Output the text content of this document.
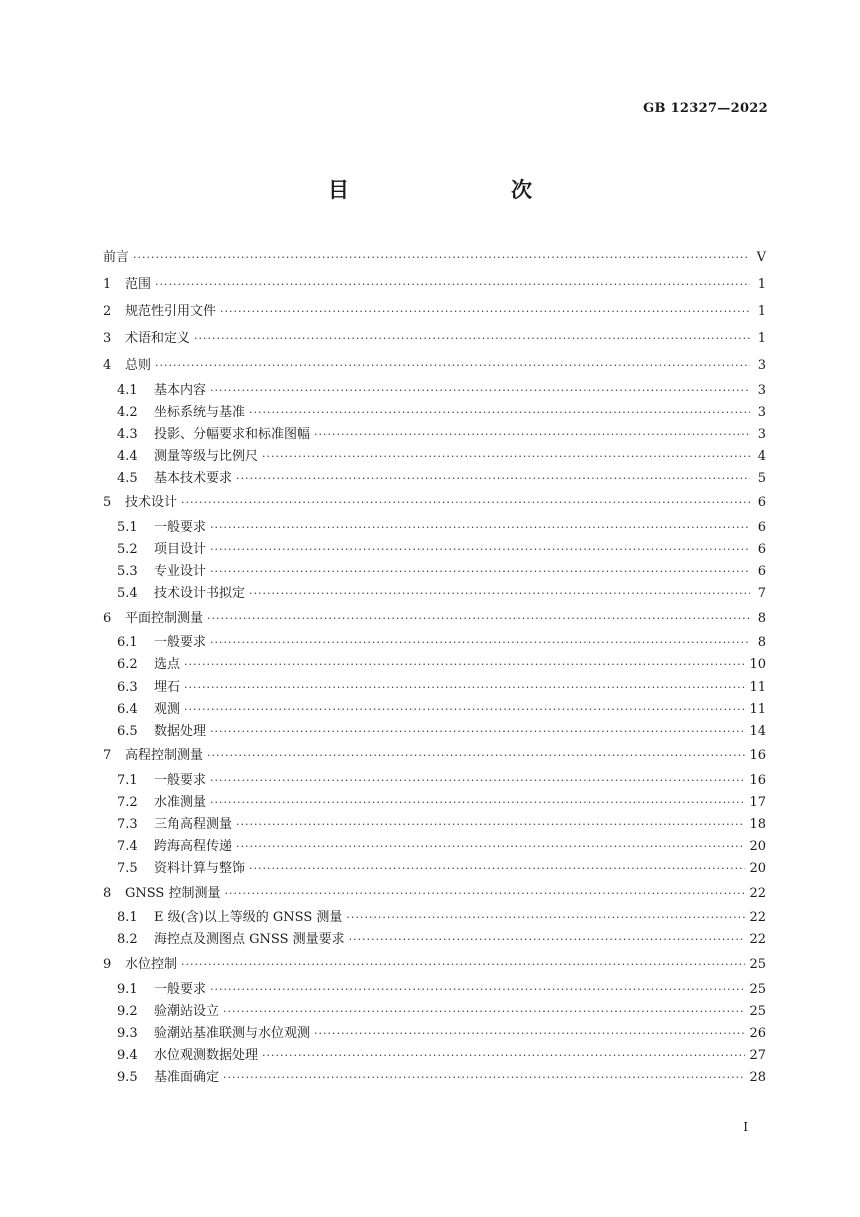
GB 12327—2022
目　　次
前言 ·····	Ⅴ
1	范围 ·····	1
2	规范性引用文件 ·····	1
3	术语和定义 ·····	1
4	总则 ·····	3
4.1	基本内容 ·····	3
4.2	坐标系统与基准 ·····	3
4.3	投影、分幅要求和标准图幅 ·····	3
4.4	测量等级与比例尺 ·····	4
4.5	基本技术要求 ·····	5
5	技术设计 ·····	6
5.1	一般要求 ·····	6
5.2	项目设计 ·····	6
5.3	专业设计 ·····	6
5.4	技术设计书拟定 ·····	7
6	平面控制测量 ·····	8
6.1	一般要求 ·····	8
6.2	选点 ·····	10
6.3	埋石 ·····	11
6.4	观测 ·····	11
6.5	数据处理 ·····	14
7	高程控制测量 ·····	16
7.1	一般要求 ·····	16
7.2	水准测量 ·····	17
7.3	三角高程测量 ·····	18
7.4	跨海高程传递 ·····	20
7.5	资料计算与整饰 ·····	20
8	GNSS 控制测量 ·····	22
8.1	E 级(含)以上等级的 GNSS 测量 ·····	22
8.2	海控点及测图点 GNSS 测量要求 ·····	22
9	水位控制 ·····	25
9.1	一般要求 ·····	25
9.2	验潮站设立 ·····	25
9.3	验潮站基准联测与水位观测 ·····	26
9.4	水位观测数据处理 ·····	27
9.5	基准面确定 ·····	28
Ⅰ
